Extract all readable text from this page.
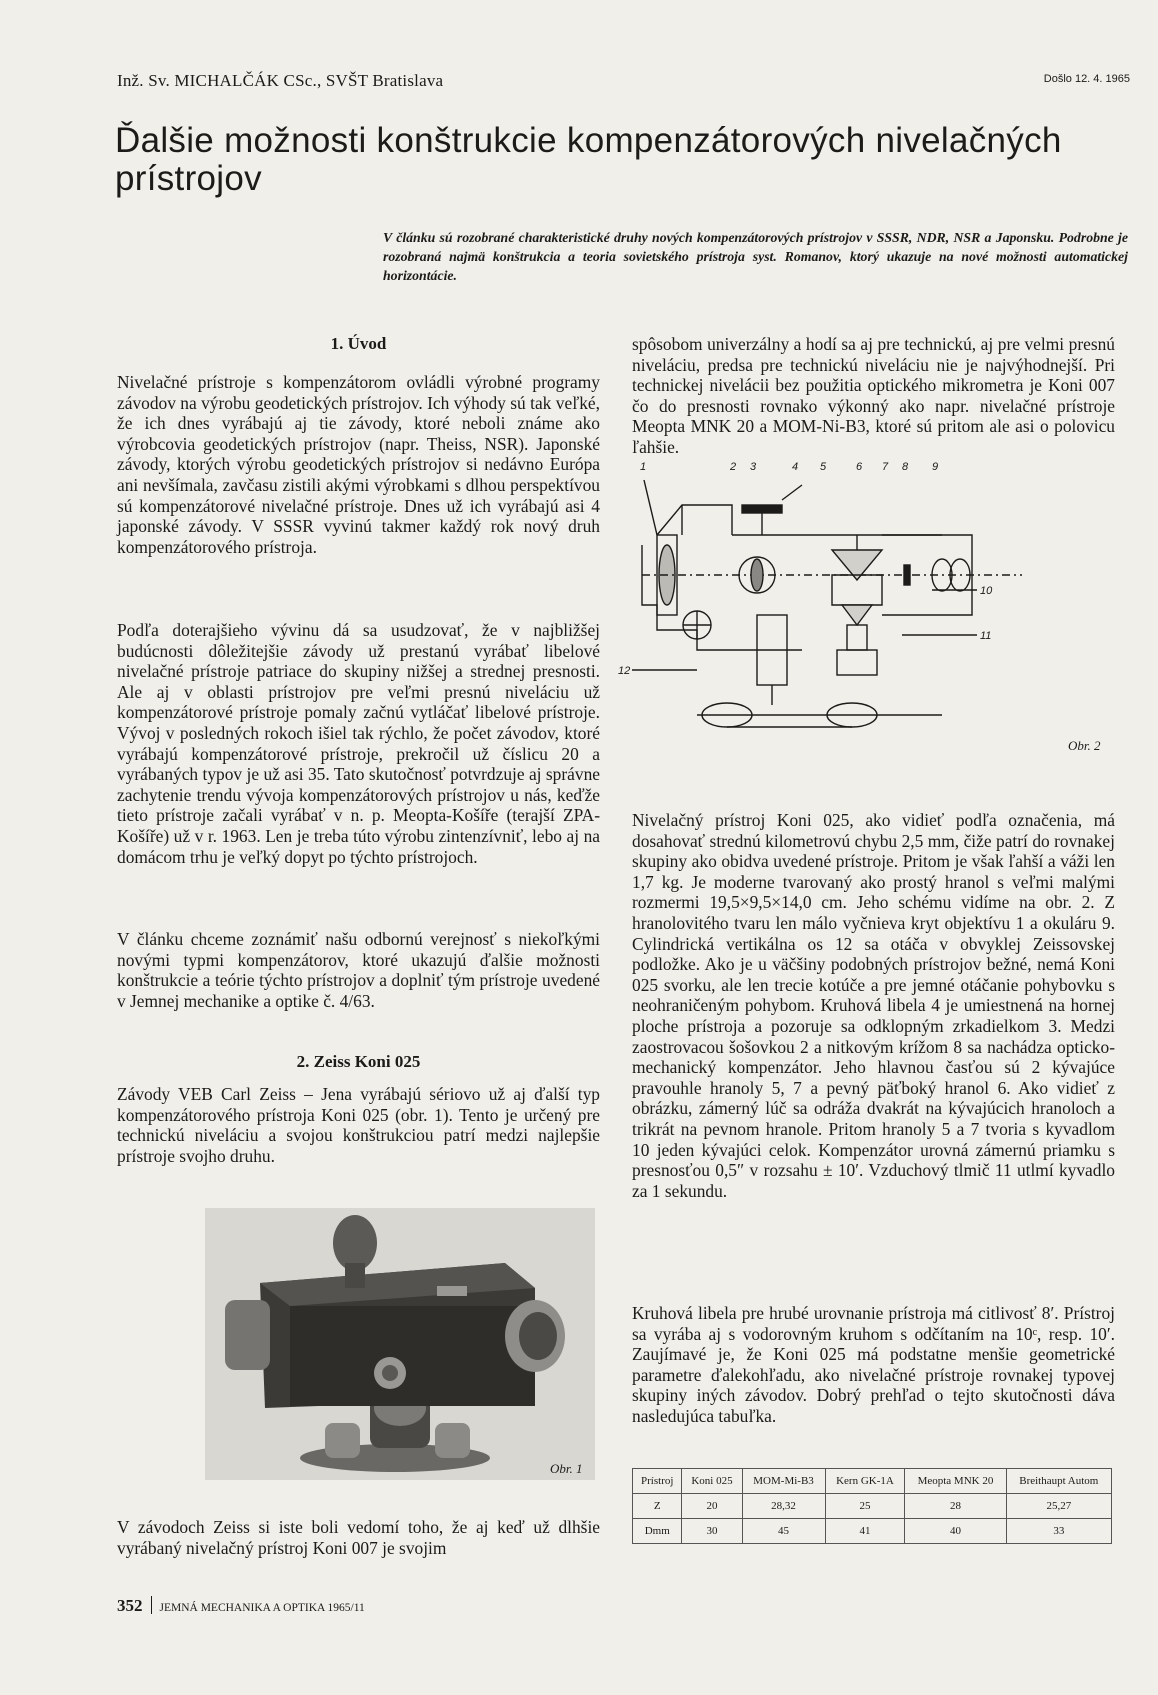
Inž. Sv. MICHALČÁK CSc., SVŠT Bratislava	Došlo 12. 4. 1965
Ďalšie možnosti konštrukcie kompenzátorových nivelačných prístrojov
V článku sú rozobrané charakteristické druhy nových kompenzátorových prístrojov v SSSR, NDR, NSR a Japonsku. Podrobne je rozobraná najmä konštrukcia a teoria sovietského prístroja syst. Romanov, ktorý ukazuje na nové možnosti automatickej horizontácie.
1. Úvod

Nivelačné prístroje s kompenzátorom ovládli výrobné programy závodov na výrobu geodetických prístrojov. Ich výhody sú tak veľké, že ich dnes vyrábajú aj tie závody, ktoré neboli známe ako výrobcovia geodetických prístrojov (napr. Theiss, NSR). Japonské závody, ktorých výrobu geodetických prístrojov si nedávno Európa ani nevšímala, zavčasu zistili akými výrobkami s dlhou perspektívou sú kompenzátorové nivelačné prístroje. Dnes už ich vyrábajú asi 4 japonské závody. V SSSR vyvinú takmer každý rok nový druh kompenzátorového prístroja.

Podľa doterajšieho vývinu dá sa usudzovať, že v najbližšej budúcnosti dôležitejšie závody už prestanú vyrábať libelové nivelačné prístroje patriace do skupiny nižšej a strednej presnosti. Ale aj v oblasti prístrojov pre veľmi presnú niveláciu už kompenzátorové prístroje pomaly začnú vytláčať libelové prístroje. Vývoj v posledných rokoch išiel tak rýchlo, že počet závodov, ktoré vyrábajú kompenzátorové prístroje, prekročil už číslicu 20 a vyrábaných typov je už asi 35. Tato skutočnosť potvrdzuje aj správne zachytenie trendu vývoja kompenzátorových prístrojov u nás, keďže tieto prístroje začali vyrábať v n. p. Meopta-Košíře (terajší ZPA-Košíře) už v r. 1963. Len je treba túto výrobu zintenzívniť, lebo aj na domácom trhu je veľký dopyt po týchto prístrojoch.

V článku chceme zoznámiť našu odbornú verejnosť s niekoľkými novými typmi kompenzátorov, ktoré ukazujú ďalšie možnosti konštrukcie a teórie týchto prístrojov a doplniť tým prístroje uvedené v Jemnej mechanike a optike č. 4/63.

2. Zeiss Koni 025

Závody VEB Carl Zeiss – Jena vyrábajú sériovo už aj ďalší typ kompenzátorového prístroja Koni 025 (obr. 1). Tento je určený pre technickú niveláciu a svojou konštrukciou patrí medzi najlepšie prístroje svojho druhu.

V závodoch Zeiss si iste boli vedomí toho, že aj keď už dlhšie vyrábaný nivelačný prístroj Koni 007 je svojim

Obr. 1

spôsobom univerzálny a hodí sa aj pre technickú, aj pre velmi presnú niveláciu, predsa pre technickú niveláciu nie je najvýhodnejší. Pri technickej nivelácii bez použitia optického mikrometra je Koni 007 čo do presnosti rovnako výkonný ako napr. nivelačné prístroje Meopta MNK 20 a MOM-Ni-B3, ktoré sú pritom ale asi o polovicu ľahšie.

Nivelačný prístroj Koni 025, ako vidieť podľa označenia, má dosahovať strednú kilometrovú chybu 2,5 mm, čiže patrí do rovnakej skupiny ako obidva uvedené prístroje. Pritom je však ľahší a váži len 1,7 kg. Je moderne tvarovaný ako prostý hranol s veľmi malými rozmermi 19,5×9,5×14,0 cm. Jeho schému vidíme na obr. 2. Z hranolovitého tvaru len málo vyčnieva kryt objektívu 1 a okuláru 9. Cylindrická vertikálna os 12 sa otáča v obvyklej Zeissovskej podložke. Ako je u väčšiny podobných prístrojov bežné, nemá Koni 025 svorku, ale len trecie kotúče a pre jemné otáčanie pohybovku s neohraničeným pohybom. Kruhová libela 4 je umiestnená na hornej ploche prístroja a pozoruje sa odklopným zrkadielkom 3. Medzi zaostrovacou šošovkou 2 a nitkovým krížom 8 sa nachádza opticko-mechanický kompenzátor. Jeho hlavnou časťou sú 2 kývajúce pravouhle hranoly 5, 7 a pevný päťboký hranol 6. Ako vidieť z obrázku, zámerný lúč sa odráža dvakrát na kývajúcich hranoloch a trikrát na pevnom hranole. Pritom hranoly 5 a 7 tvoria s kyvadlom 10 jeden kývajúci celok. Kompenzátor urovná zámernú priamku s presnosťou 0,5″ v rozsahu ± 10′. Vzduchový tlmič 11 utlmí kyvadlo za 1 sekundu.

Kruhová libela pre hrubé urovnanie prístroja má citlivosť 8′. Prístroj sa vyrába aj s vodorovným kruhom s odčítaním na 10ᶜ, resp. 10′. Zaujímavé je, že Koni 025 má podstatne menšie geometrické parametre ďalekohľadu, ako nivelačné prístroje rovnakej typovej skupiny iných závodov. Dobrý prehľad o tejto skutočnosti dáva nasledujúca tabuľka.

1	2 3	4 5	6 7 8 9
10
11
12
Obr. 2
Prístroj	Koni 025	MOM-Mi-B3	Kern GK-1A	Meopta MNK 20	Breithaupt Autom
Z	20	28,32	25	28	25,27
Dmm	30	45	41	40	33
352 JEMNÁ MECHANIKA A OPTIKA 1965/11
